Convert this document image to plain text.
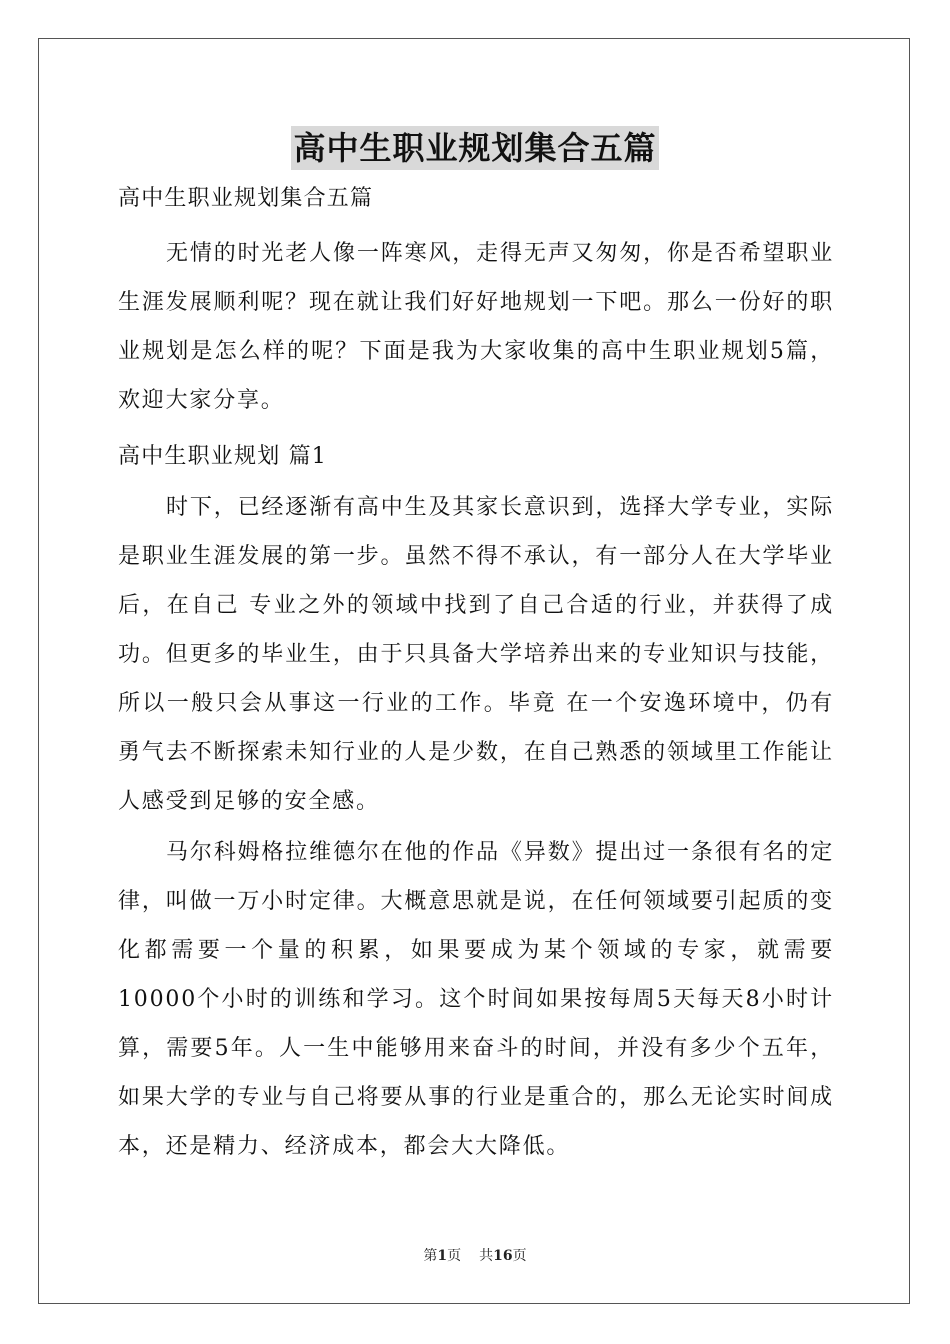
高中生职业规划集合五篇
高中生职业规划集合五篇

无情的时光老人像一阵寒风，走得无声又匆匆，你是否希望职业生涯发展顺利呢？现在就让我们好好地规划一下吧。那么一份好的职业规划是怎么样的呢？下面是我为大家收集的高中生职业规划5篇，欢迎大家分享。

高中生职业规划 篇1

时下，已经逐渐有高中生及其家长意识到，选择大学专业，实际是职业生涯发展的第一步。虽然不得不承认，有一部分人在大学毕业后，在自己 专业之外的领域中找到了自己合适的行业，并获得了成功。但更多的毕业生，由于只具备大学培养出来的专业知识与技能，所以一般只会从事这一行业的工作。毕竟 在一个安逸环境中，仍有勇气去不断探索未知行业的人是少数，在自己熟悉的领域里工作能让人感受到足够的安全感。

马尔科姆格拉维德尔在他的作品《异数》提出过一条很有名的定律，叫做一万小时定律。大概意思就是说，在任何领域要引起质的变化都需要一个量的积累，如果要成为某个领域的专家，就需要10000个小时的训练和学习。这个时间如果按每周5天每天8小时计算，需要5年。人一生中能够用来奋斗的时间，并没有多少个五年，如果大学的专业与自己将要从事的行业是重合的，那么无论实时间成本，还是精力、经济成本，都会大大降低。

第1页 共16页
